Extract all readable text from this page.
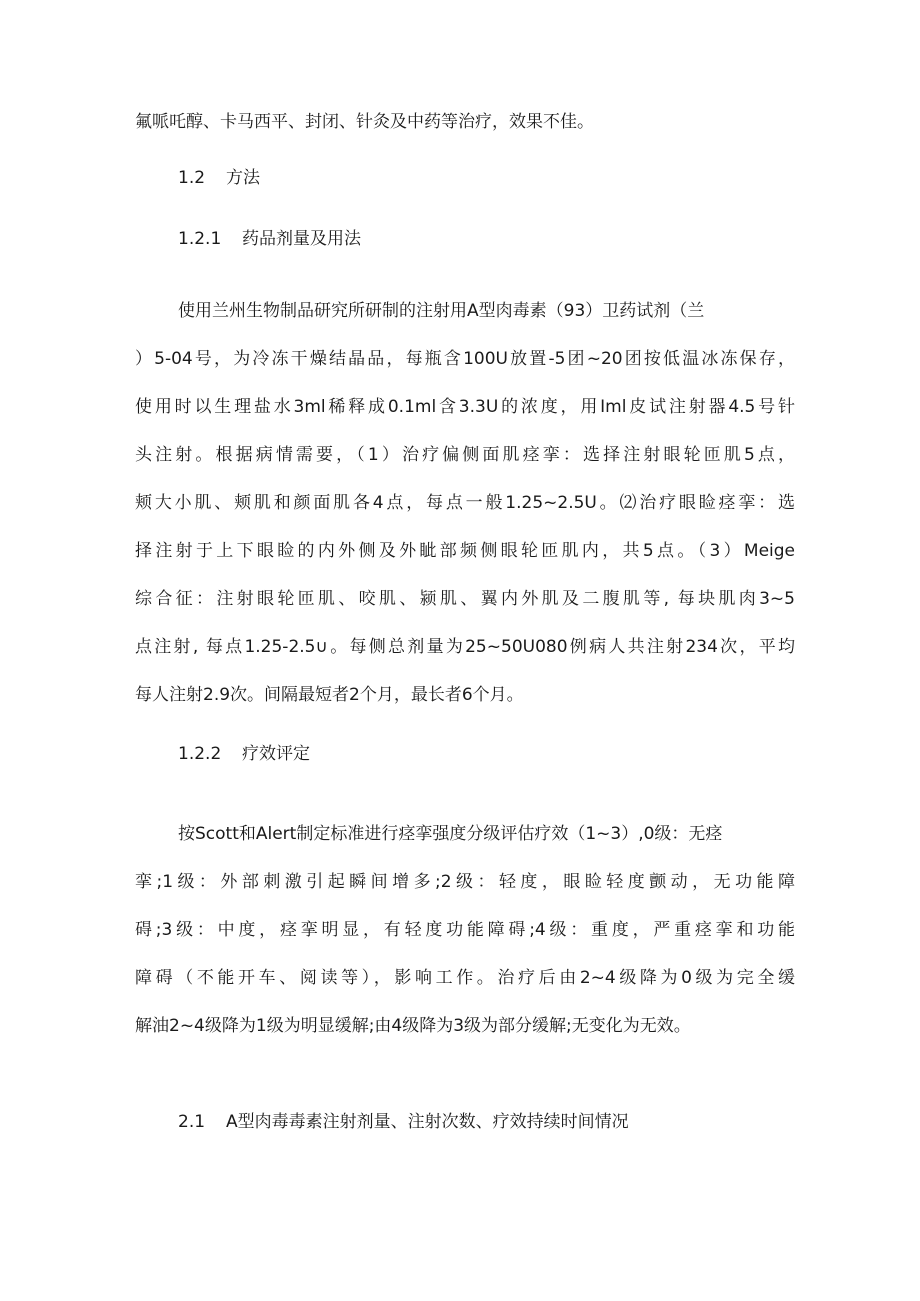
氟哌吒醇、卡马西平、封闭、针灸及中药等治疗，效果不佳。
1.2 方法
1.2.1 药品剂量及用法
使用兰州生物制品研究所研制的注射用A型肉毒素（93）卫药试剂（兰
）5-04号，为冷冻干燥结晶品，每瓶含100U放置-5团~20团按低温冰冻保存，
使用时以生理盐水3ml稀释成0.1ml含3.3U的浓度，用Iml皮试注射器4.5号针
头注射。根据病情需要，（1）治疗偏侧面肌痉挛：选择注射眼轮匝肌5点，
颊大小肌、颊肌和颜面肌各4点，每点一般1.25~2.5U。⑵治疗眼睑痉挛：选
择注射于上下眼睑的内外侧及外眦部频侧眼轮匝肌内，共5点。（3）Meige
综合征：注射眼轮匝肌、咬肌、颍肌、翼内外肌及二腹肌等, 每块肌肉3~5
点注射, 每点1.25-2.5∪。每侧总剂量为25~50U080例病人共注射234次，平均
每人注射2.9次。间隔最短者2个月，最长者6个月。
1.2.2 疗效评定
按Scott和Alert制定标准进行痉挛强度分级评估疗效（1~3）,0级：无痉
挛;1级：外部刺激引起瞬间增多;2级：轻度，眼睑轻度颤动，无功能障
碍;3级：中度，痉挛明显，有轻度功能障碍;4级：重度，严重痉挛和功能
障碍（不能开车、阅读等），影响工作。治疗后由2~4级降为0级为完全缓
解油2~4级降为1级为明显缓解;由4级降为3级为部分缓解;无变化为无效。
2.1 A型肉毒毒素注射剂量、注射次数、疗效持续时间情况
